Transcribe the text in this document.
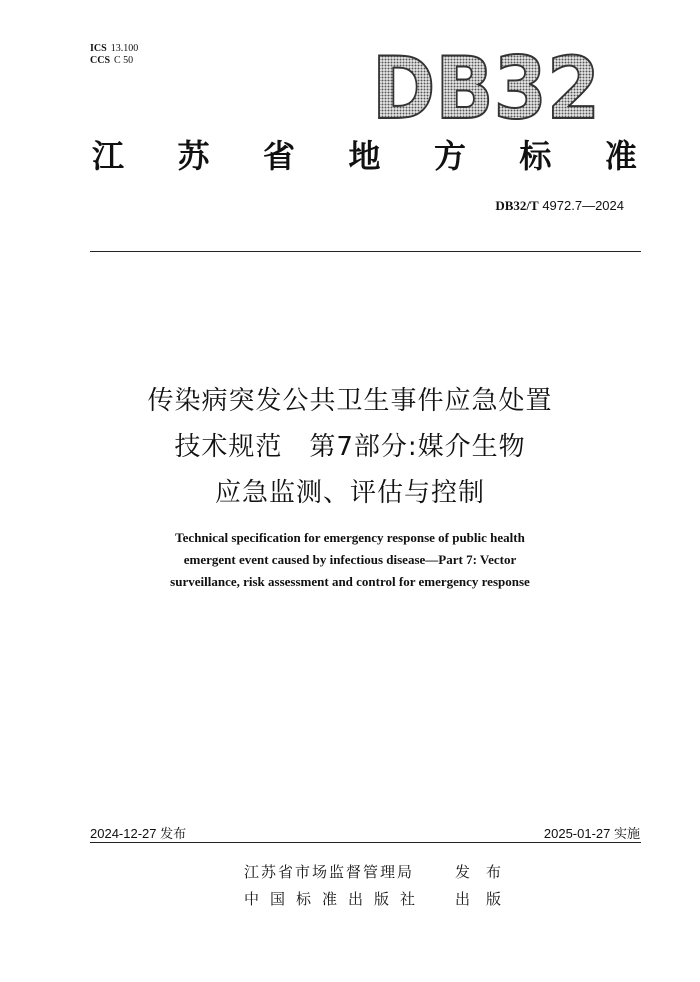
ICS 13.100
CCS C 50	DB32
江 苏 省 地 方 标 准
DB32/T 4972.7—2024
传染病突发公共卫生事件应急处置
技术规范　第7部分:媒介生物
应急监测、评估与控制
Technical specification for emergency response of public health
emergent event caused by infectious disease—Part 7: Vector
surveillance, risk assessment and control for emergency response
2024-12-27 发布	2025-01-27 实施
江苏省市场监督管理局	发布
中国标准出版社 出版
